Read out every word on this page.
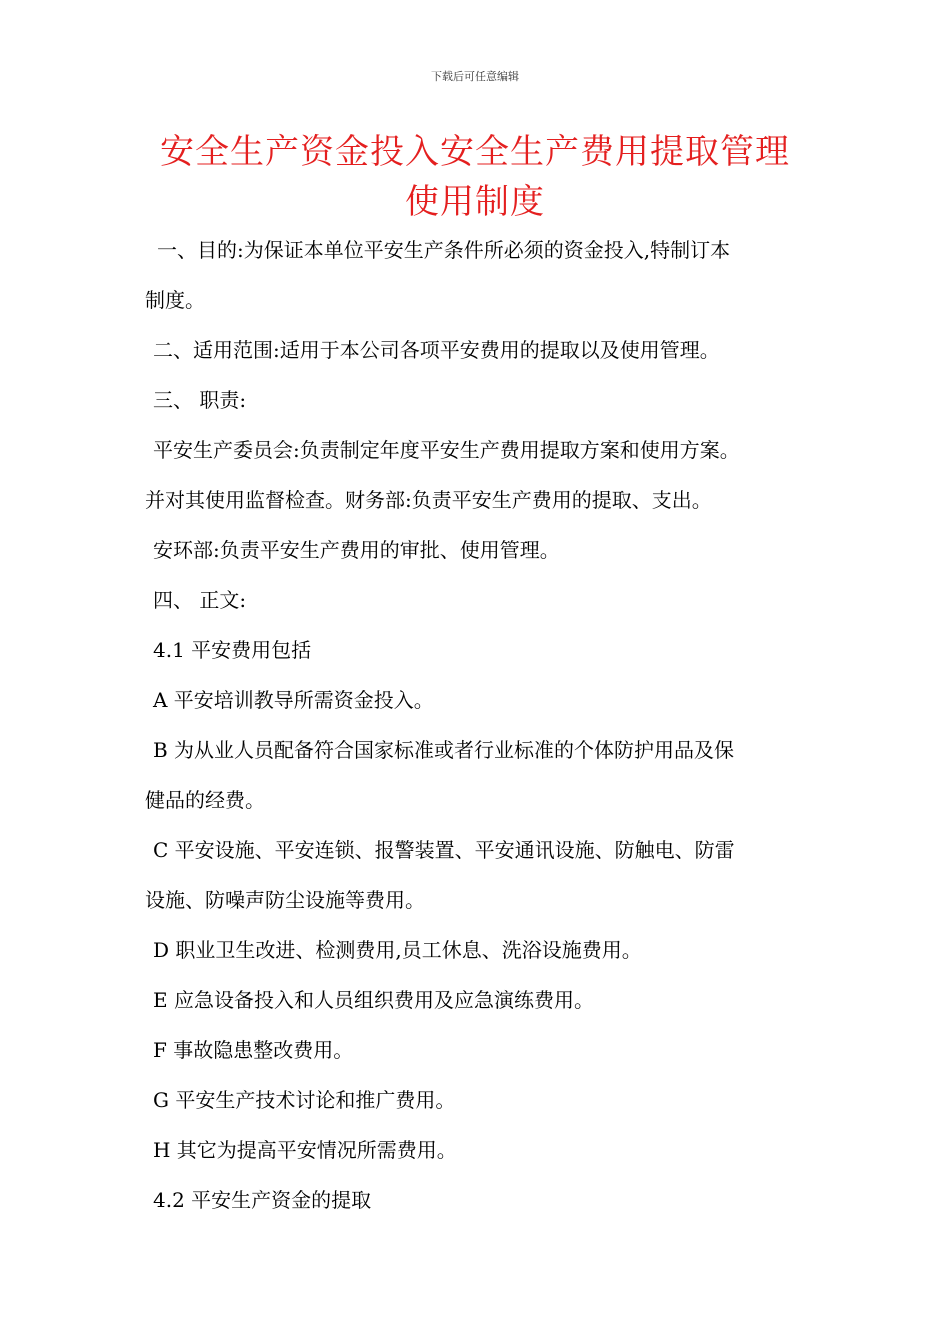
下载后可任意编辑
安全生产资金投入安全生产费用提取管理
使用制度
一、目的:为保证本单位平安生产条件所必须的资金投入,特制订本
制度。
二、适用范围:适用于本公司各项平安费用的提取以及使用管理。
三、 职责:
平安生产委员会:负责制定年度平安生产费用提取方案和使用方案。
并对其使用监督检查。财务部:负责平安生产费用的提取、支出。
安环部:负责平安生产费用的审批、使用管理。
四、 正文:
4.1 平安费用包括
A 平安培训教导所需资金投入。
B 为从业人员配备符合国家标准或者行业标准的个体防护用品及保
健品的经费。
C 平安设施、平安连锁、报警装置、平安通讯设施、防触电、防雷
设施、防噪声防尘设施等费用。
D 职业卫生改进、检测费用,员工休息、洗浴设施费用。
E 应急设备投入和人员组织费用及应急演练费用。
F 事故隐患整改费用。
G 平安生产技术讨论和推广费用。
H 其它为提高平安情况所需费用。
4.2 平安生产资金的提取
